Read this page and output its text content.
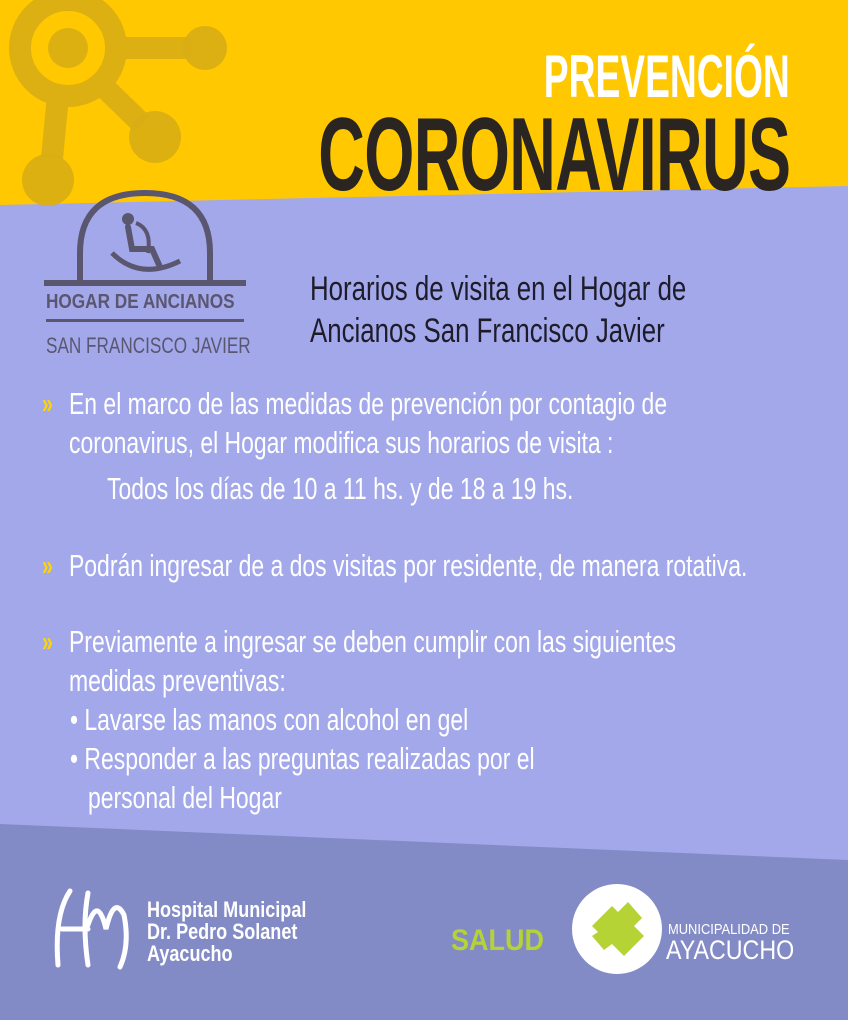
PREVENCIÓN
CORONAVIRUS
HOGAR DE ANCIANOS
SAN FRANCISCO JAVIER
Horarios de visita en el Hogar de
Ancianos San Francisco Javier
» En el marco de las medidas de prevención por contagio de
coronavirus, el Hogar modifica sus horarios de visita :
Todos los días de 10 a 11 hs. y de 18 a 19 hs.
» Podrán ingresar de a dos visitas por residente, de manera rotativa.
» Previamente a ingresar se deben cumplir con las siguientes
medidas preventivas:
• Lavarse las manos con alcohol en gel
• Responder a las preguntas realizadas por el
personal del Hogar
Hospital Municipal
Dr. Pedro Solanet
Ayacucho	SALUD	MUNICIPALIDAD DE
AYACUCHO
